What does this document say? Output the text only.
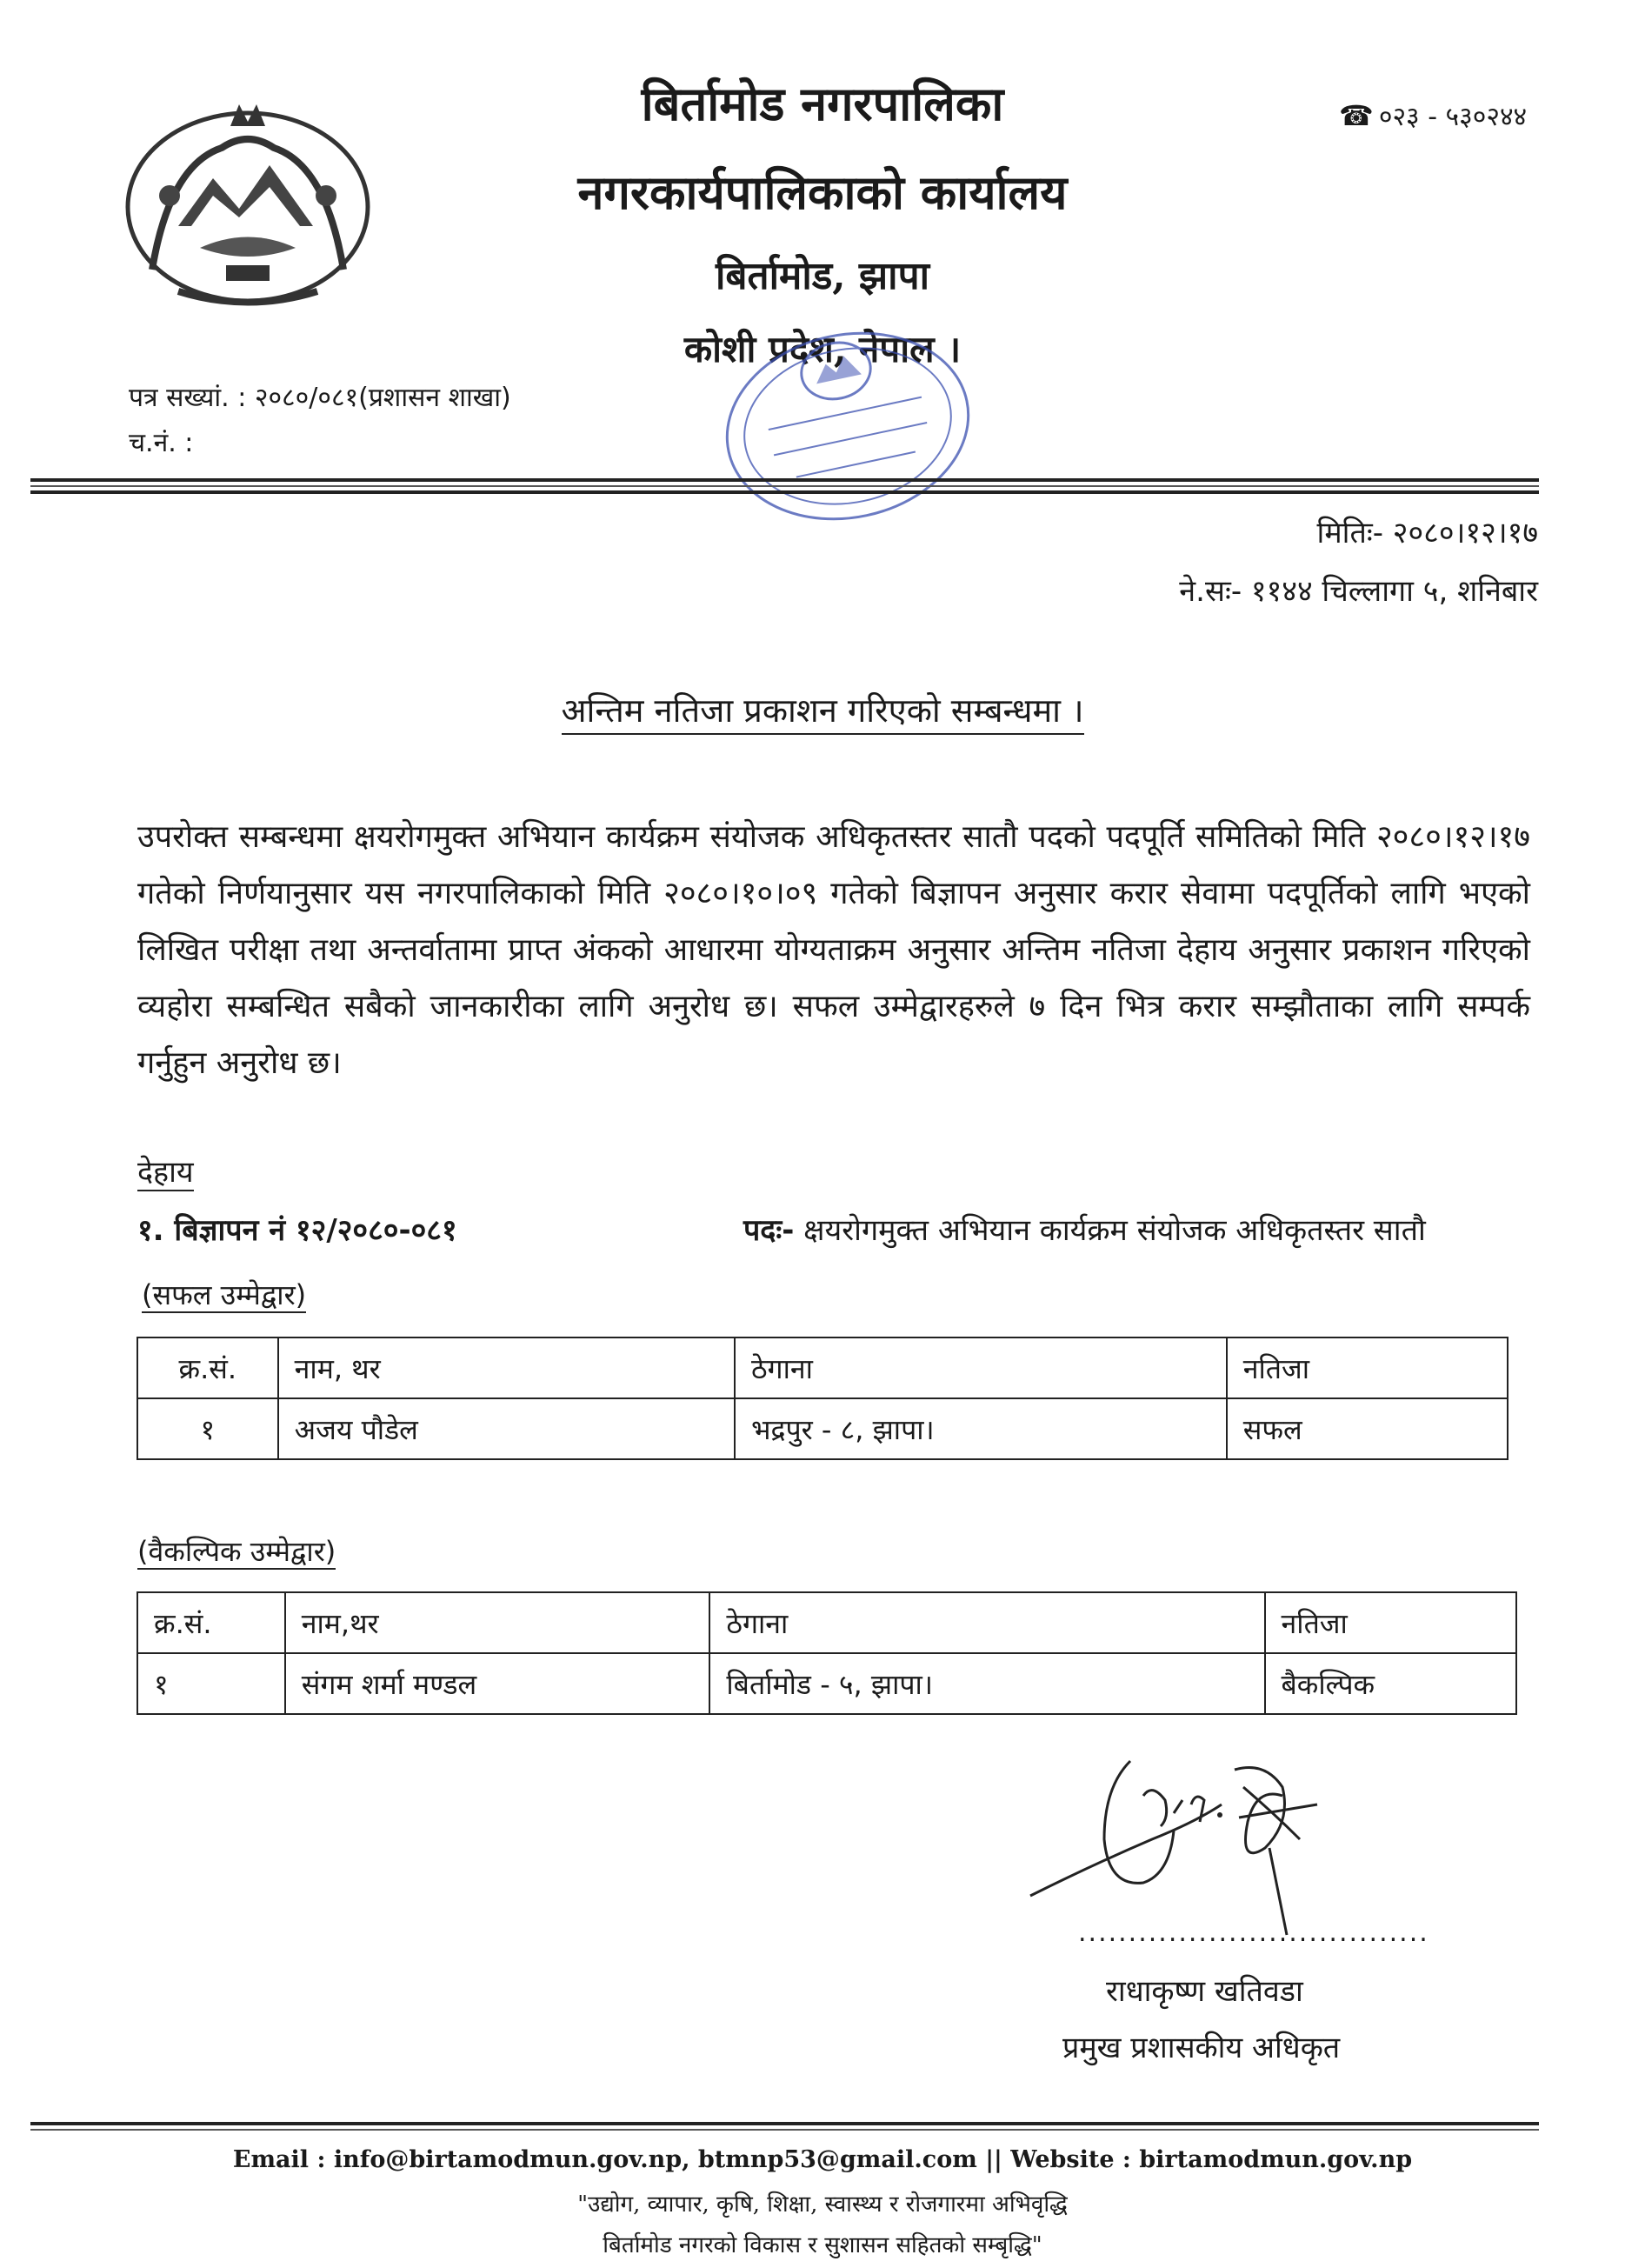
बिर्तामोड नगरपालिका
नगरकार्यपालिकाको कार्यालय
बिर्तामोड, झापा
कोशी प्रदेश, नेपाल ।
☎ ०२३ - ५३०२४४
पत्र सख्यां. : २०८०/०८१(प्रशासन शाखा)
च.नं. :
मितिः- २०८०।१२।१७
ने.सः- ११४४ चिल्लागा ५, शनिबार
अन्तिम नतिजा प्रकाशन गरिएको सम्बन्धमा ।
उपरोक्त सम्बन्धमा क्षयरोगमुक्त अभियान कार्यक्रम संयोजक अधिकृतस्तर सातौ पदको पदपूर्ति समितिको मिति २०८०।१२।१७ गतेको निर्णयानुसार यस नगरपालिकाको मिति २०८०।१०।०९ गतेको बिज्ञापन अनुसार करार सेवामा पदपूर्तिको लागि भएको लिखित परीक्षा तथा अन्तर्वातामा प्राप्त अंकको आधारमा योग्यताक्रम अनुसार अन्तिम नतिजा देहाय अनुसार प्रकाशन गरिएको व्यहोरा सम्बन्धित सबैको जानकारीका लागि अनुरोध छ। सफल उम्मेद्वारहरुले ७ दिन भित्र करार सम्झौताका लागि सम्पर्क गर्नुहुन अनुरोध छ।
देहाय
१. बिज्ञापन नं १२/२०८०-०८१	पदः- क्षयरोगमुक्त अभियान कार्यक्रम संयोजक अधिकृतस्तर सातौ
(सफल उम्मेद्वार)
क्र.सं.	नाम, थर	ठेगाना	नतिजा
१	अजय पौडेल	भद्रपुर - ८, झापा।	सफल
(वैकल्पिक उम्मेद्वार)
क्र.सं.	नाम,थर	ठेगाना	नतिजा
१	संगम शर्मा मण्डल	बिर्तामोड - ५, झापा।	बैकल्पिक
...................................
राधाकृष्ण खतिवडा
प्रमुख प्रशासकीय अधिकृत
Email : info@birtamodmun.gov.np, btmnp53@gmail.com || Website : birtamodmun.gov.np
"उद्योग, व्यापार, कृषि, शिक्षा, स्वास्थ्य र रोजगारमा अभिवृद्धि
बिर्तामोड नगरको विकास र सुशासन सहितको सम्बृद्धि"
